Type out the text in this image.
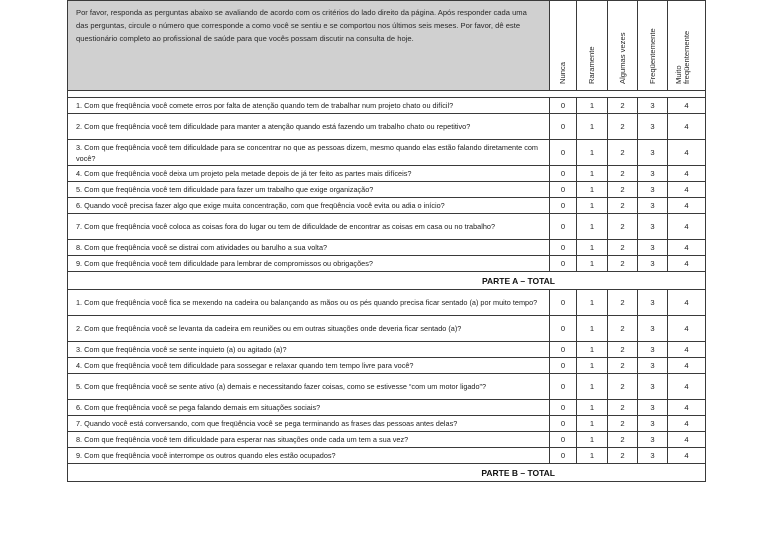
Por favor, responda as perguntas abaixo se avaliando de acordo com os critérios do lado direito da página. Após responder cada uma das perguntas, circule o número que corresponde a como você se sentiu e se comportou nos últimos seis meses. Por favor, dê este questionário completo ao profissional de saúde para que vocês possam discutir na consulta de hoje.	Nunca	Raramente	Algumas vezes	Freqüentemente	Muito freqüentemente

1. Com que freqüência você comete erros por falta de atenção quando tem de trabalhar num projeto chato ou difícil?	0	1	2	3	4
2. Com que freqüência você tem dificuldade para manter a atenção quando está fazendo um trabalho chato ou repetitivo?	0	1	2	3	4
3. Com que freqüência você tem dificuldade para se concentrar no que as pessoas dizem, mesmo quando elas estão falando diretamente com você?	0	1	2	3	4
4. Com que freqüência você deixa um projeto pela metade depois de já ter feito as partes mais difíceis?	0	1	2	3	4
5. Com que freqüência você tem dificuldade para fazer um trabalho que exige organização?	0	1	2	3	4
6. Quando você precisa fazer algo que exige muita concentração, com que freqüência você evita ou adia o início?	0	1	2	3	4
7. Com que freqüência você coloca as coisas fora do lugar ou tem de dificuldade de encontrar as coisas em casa ou no trabalho?	0	1	2	3	4
8. Com que freqüência você se distrai com atividades ou barulho a sua volta?	0	1	2	3	4
9. Com que freqüência você tem dificuldade para lembrar de compromissos ou obrigações?	0	1	2	3	4
PARTE A – TOTAL					
1. Com que freqüência você fica se mexendo na cadeira ou balançando as mãos ou os pés quando precisa ficar sentado (a) por muito tempo?	0	1	2	3	4
2. Com que freqüência você se levanta da cadeira em reuniões ou em outras situações onde deveria ficar sentado (a)?	0	1	2	3	4
3. Com que freqüência você se sente inquieto (a) ou agitado (a)?	0	1	2	3	4
4. Com que freqüência você tem dificuldade para sossegar e relaxar quando tem tempo livre para você?	0	1	2	3	4
5. Com que freqüência você se sente ativo (a) demais e necessitando fazer coisas, como se estivesse “com um motor ligado”?	0	1	2	3	4
6. Com que freqüência você se pega falando demais em situações sociais?	0	1	2	3	4
7. Quando você está conversando, com que freqüência você se pega terminando as frases das pessoas antes delas?	0	1	2	3	4
8. Com que freqüência você tem dificuldade para esperar nas situações onde cada um tem a sua vez?	0	1	2	3	4
9. Com que freqüência você interrompe os outros quando eles estão ocupados?	0	1	2	3	4
PARTE B – TOTAL					
